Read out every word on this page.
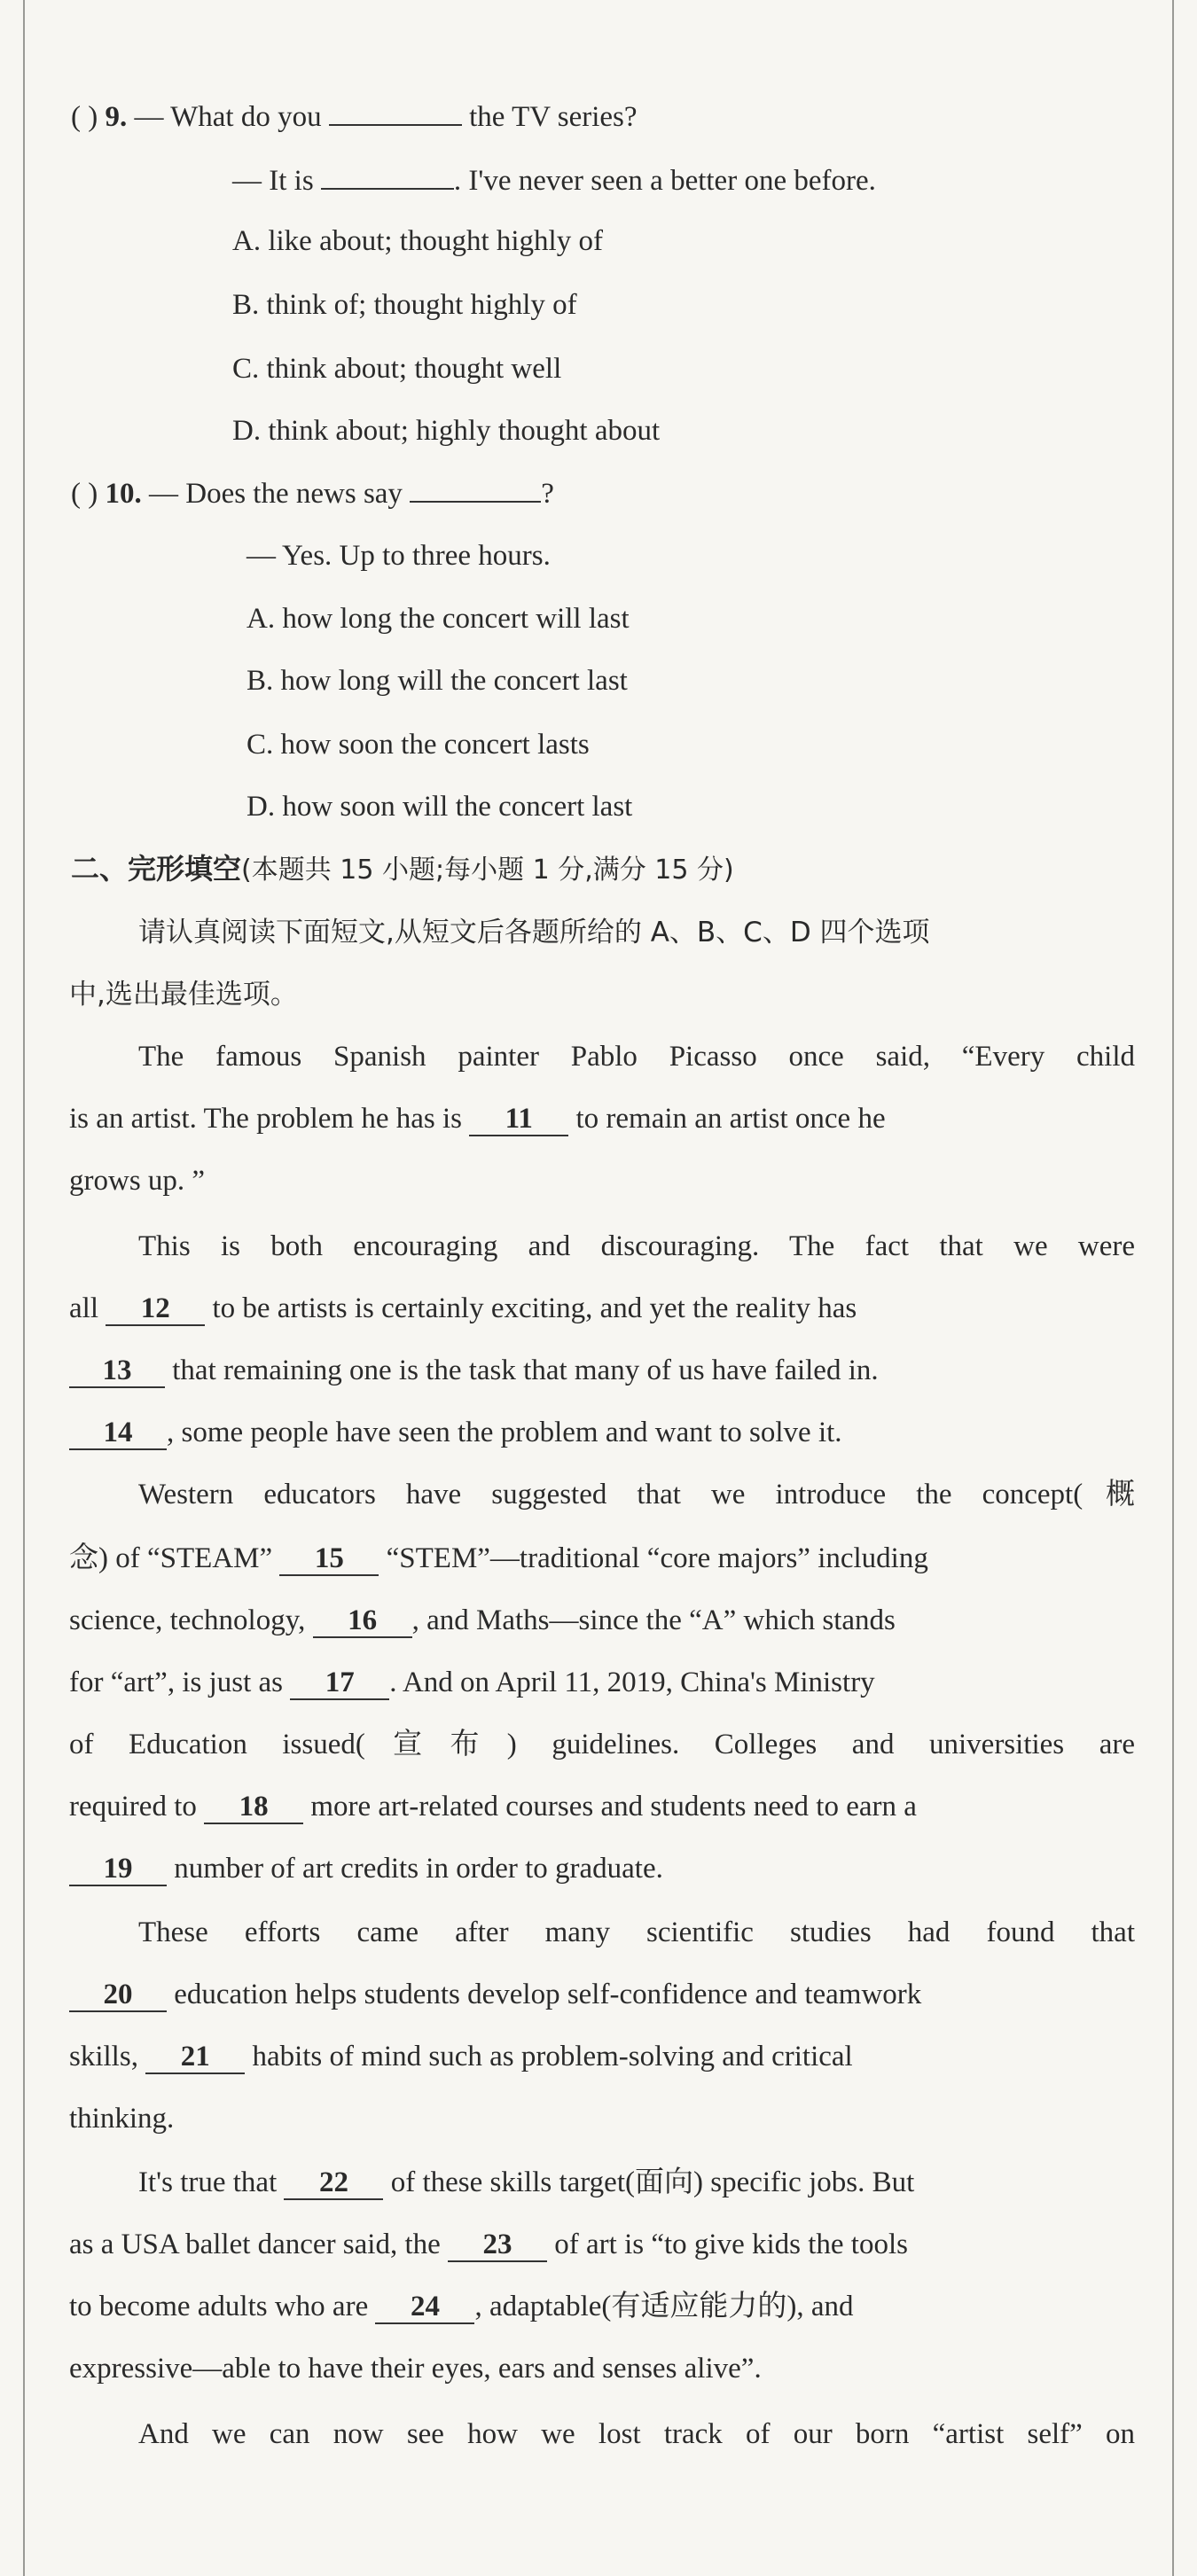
( ) 9. — What do you	the TV series?
— It is	. I've never seen a better one before.
A. like about; thought highly of
B. think of; thought highly of
C. think about; thought well
D. think about; highly thought about
( ) 10. — Does the news say	?
— Yes. Up to three hours.
A. how long the concert will last
B. how long will the concert last
C. how soon the concert lasts
D. how soon will the concert last
二、完形填空(本题共 15 小题;每小题 1 分,满分 15 分)
请认真阅读下面短文,从短文后各题所给的 A、B、C、D 四个选项
中,选出最佳选项。
The famous Spanish painter Pablo Picasso once said, “Every child
is an artist. The problem he has is 11 to remain an artist once he
grows up. ”
This is both encouraging and discouraging. The fact that we were
all 12 to be artists is certainly exciting, and yet the reality has
13 that remaining one is the task that many of us have failed in.
14 , some people have seen the problem and want to solve it.
Western educators have suggested that we introduce the concept(概
念) of “STEAM” 15 “STEM”—traditional “core majors” including
science, technology, 16 , and Maths—since the “A” which stands
for “art”, is just as 17 . And on April 11, 2019, China's Ministry
of Education issued(宣布) guidelines. Colleges and universities are
required to 18 more art-related courses and students need to earn a
19 number of art credits in order to graduate.
These efforts came after many scientific studies had found that
20 education helps students develop self-confidence and teamwork
skills, 21 habits of mind such as problem-solving and critical
thinking.
It's true that 22 of these skills target(面向) specific jobs. But
as a USA ballet dancer said, the 23 of art is “to give kids the tools
to become adults who are 24 , adaptable(有适应能力的), and
expressive—able to have their eyes, ears and senses alive”.
And we can now see how we lost track of our born “artist self” on
